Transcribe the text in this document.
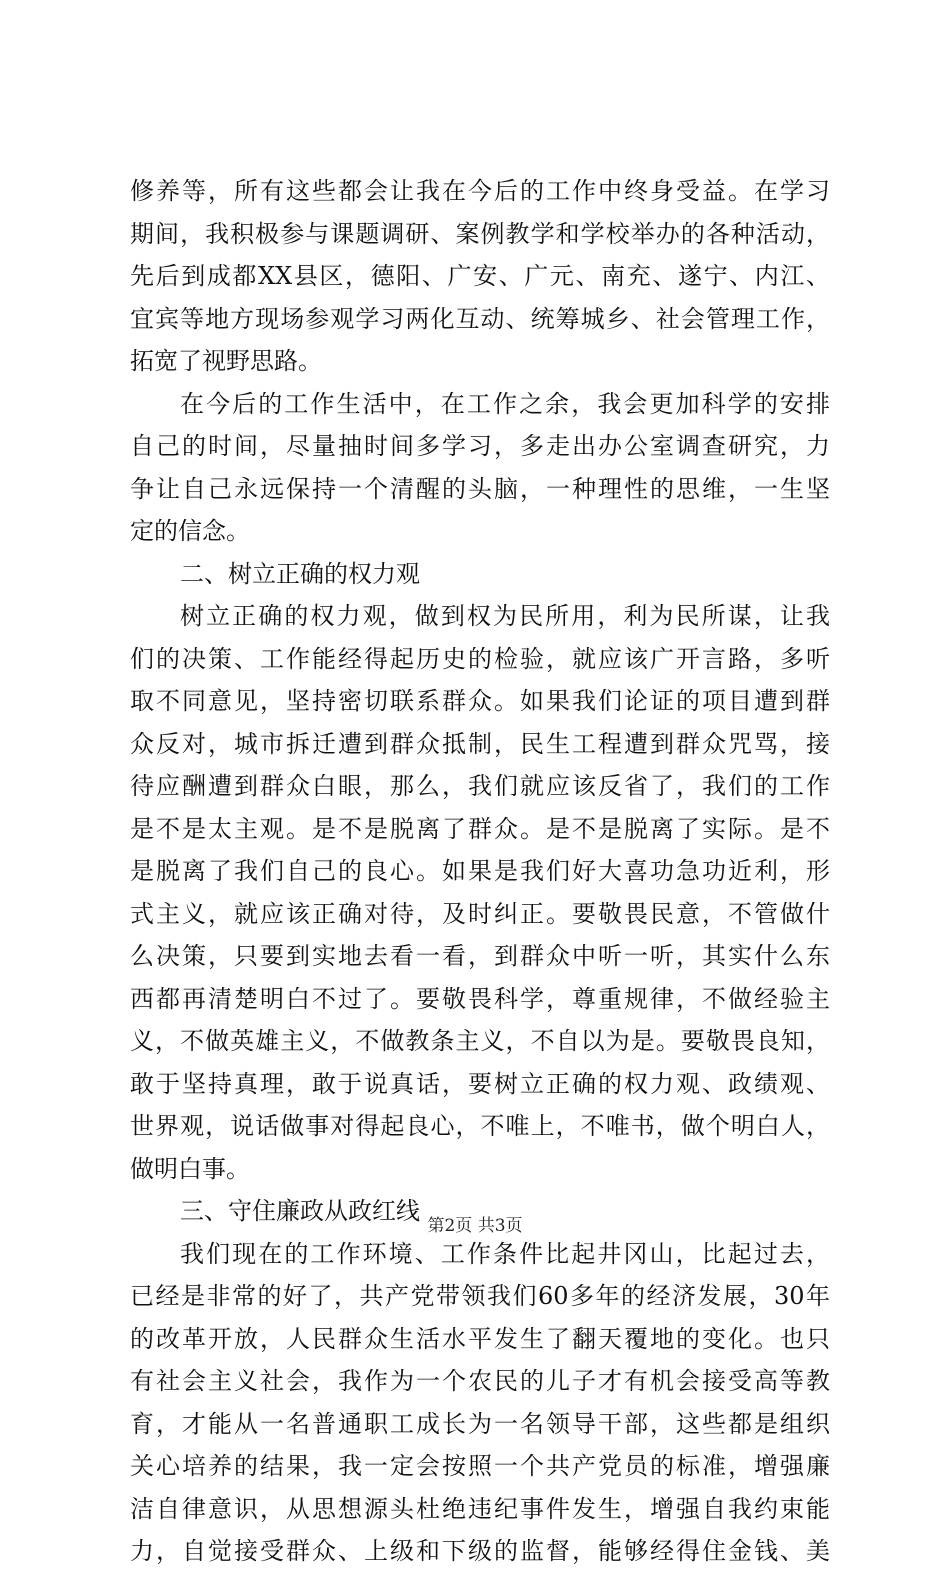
修养等，所有这些都会让我在今后的工作中终身受益。在学习
期间，我积极参与课题调研、案例教学和学校举办的各种活动，
先后到成都XX县区，德阳、广安、广元、南充、遂宁、内江、
宜宾等地方现场参观学习两化互动、统筹城乡、社会管理工作，
拓宽了视野思路。
在今后的工作生活中，在工作之余，我会更加科学的安排
自己的时间，尽量抽时间多学习，多走出办公室调查研究，力
争让自己永远保持一个清醒的头脑，一种理性的思维，一生坚
定的信念。
二、树立正确的权力观
树立正确的权力观，做到权为民所用，利为民所谋，让我
们的决策、工作能经得起历史的检验，就应该广开言路，多听
取不同意见，坚持密切联系群众。如果我们论证的项目遭到群
众反对，城市拆迁遭到群众抵制，民生工程遭到群众咒骂，接
待应酬遭到群众白眼，那么，我们就应该反省了，我们的工作
是不是太主观。是不是脱离了群众。是不是脱离了实际。是不
是脱离了我们自己的良心。如果是我们好大喜功急功近利，形
式主义，就应该正确对待，及时纠正。要敬畏民意，不管做什
么决策，只要到实地去看一看，到群众中听一听，其实什么东
西都再清楚明白不过了。要敬畏科学，尊重规律，不做经验主
义，不做英雄主义，不做教条主义，不自以为是。要敬畏良知，
敢于坚持真理，敢于说真话，要树立正确的权力观、政绩观、
世界观，说话做事对得起良心，不唯上，不唯书，做个明白人，
做明白事。
三、守住廉政从政红线
我们现在的工作环境、工作条件比起井冈山，比起过去，
已经是非常的好了，共产党带领我们60多年的经济发展，30年
的改革开放，人民群众生活水平发生了翻天覆地的变化。也只
有社会主义社会，我作为一个农民的儿子才有机会接受高等教
育，才能从一名普通职工成长为一名领导干部，这些都是组织
关心培养的结果，我一定会按照一个共产党员的标准，增强廉
洁自律意识，从思想源头杜绝违纪事件发生，增强自我约束能
力，自觉接受群众、上级和下级的监督，能够经得住金钱、美
第2页 共3页
